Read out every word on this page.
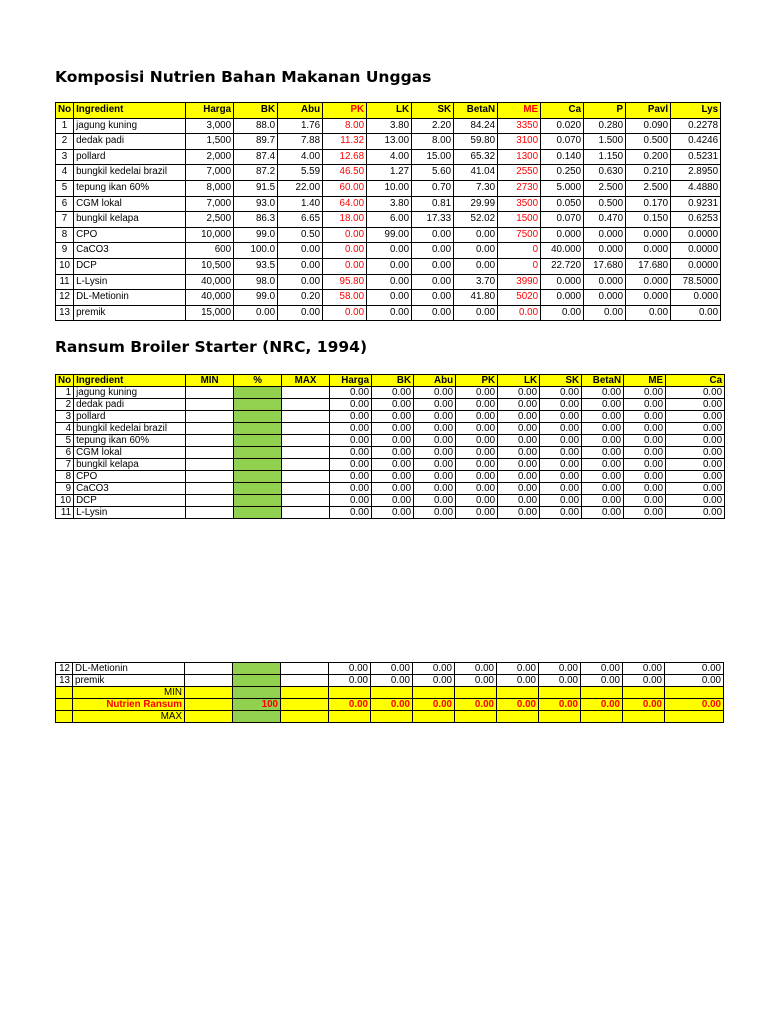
Komposisi Nutrien Bahan Makanan Unggas
No	Ingredient	Harga	BK	Abu	PK	LK	SK	BetaN	ME	Ca	P	Pavl	Lys
1	jagung kuning	3,000	88.0	1.76	8.00	3.80	2.20	84.24	3350	0.020	0.280	0.090	0.2278
2	dedak padi	1,500	89.7	7.88	11.32	13.00	8.00	59.80	3100	0.070	1.500	0.500	0.4246
3	pollard	2,000	87.4	4.00	12.68	4.00	15.00	65.32	1300	0.140	1.150	0.200	0.5231
4	bungkil kedelai brazil	7,000	87.2	5.59	46.50	1.27	5.60	41.04	2550	0.250	0.630	0.210	2.8950
5	tepung ikan 60%	8,000	91.5	22.00	60.00	10.00	0.70	7.30	2730	5.000	2.500	2.500	4.4880
6	CGM lokal	7,000	93.0	1.40	64.00	3.80	0.81	29.99	3500	0.050	0.500	0.170	0.9231
7	bungkil kelapa	2,500	86.3	6.65	18.00	6.00	17.33	52.02	1500	0.070	0.470	0.150	0.6253
8	CPO	10,000	99.0	0.50	0.00	99.00	0.00	0.00	7500	0.000	0.000	0.000	0.0000
9	CaCO3	600	100.0	0.00	0.00	0.00	0.00	0.00	0	40.000	0.000	0.000	0.0000
10	DCP	10,500	93.5	0.00	0.00	0.00	0.00	0.00	0	22.720	17.680	17.680	0.0000
11	L-Lysin	40,000	98.0	0.00	95.80	0.00	0.00	3.70	3990	0.000	0.000	0.000	78.5000
12	DL-Metionin	40,000	99.0	0.20	58.00	0.00	0.00	41.80	5020	0.000	0.000	0.000	0.000
13	premik	15,000	0.00	0.00	0.00	0.00	0.00	0.00	0.00	0.00	0.00	0.00	0.00
Ransum Broiler Starter (NRC, 1994)
No	Ingredient	MIN	%	MAX	Harga	BK	Abu	PK	LK	SK	BetaN	ME	Ca
1	jagung kuning				0.00	0.00	0.00	0.00	0.00	0.00	0.00	0.00	0.00
2	dedak padi				0.00	0.00	0.00	0.00	0.00	0.00	0.00	0.00	0.00
3	pollard				0.00	0.00	0.00	0.00	0.00	0.00	0.00	0.00	0.00
4	bungkil kedelai brazil				0.00	0.00	0.00	0.00	0.00	0.00	0.00	0.00	0.00
5	tepung ikan 60%				0.00	0.00	0.00	0.00	0.00	0.00	0.00	0.00	0.00
6	CGM lokal				0.00	0.00	0.00	0.00	0.00	0.00	0.00	0.00	0.00
7	bungkil kelapa				0.00	0.00	0.00	0.00	0.00	0.00	0.00	0.00	0.00
8	CPO				0.00	0.00	0.00	0.00	0.00	0.00	0.00	0.00	0.00
9	CaCO3				0.00	0.00	0.00	0.00	0.00	0.00	0.00	0.00	0.00
10	DCP				0.00	0.00	0.00	0.00	0.00	0.00	0.00	0.00	0.00
11	L-Lysin				0.00	0.00	0.00	0.00	0.00	0.00	0.00	0.00	0.00
12	DL-Metionin				0.00	0.00	0.00	0.00	0.00	0.00	0.00	0.00	0.00
13	premik				0.00	0.00	0.00	0.00	0.00	0.00	0.00	0.00	0.00
	MIN												
	Nutrien Ransum		100		0.00	0.00	0.00	0.00	0.00	0.00	0.00	0.00	0.00
	MAX												
